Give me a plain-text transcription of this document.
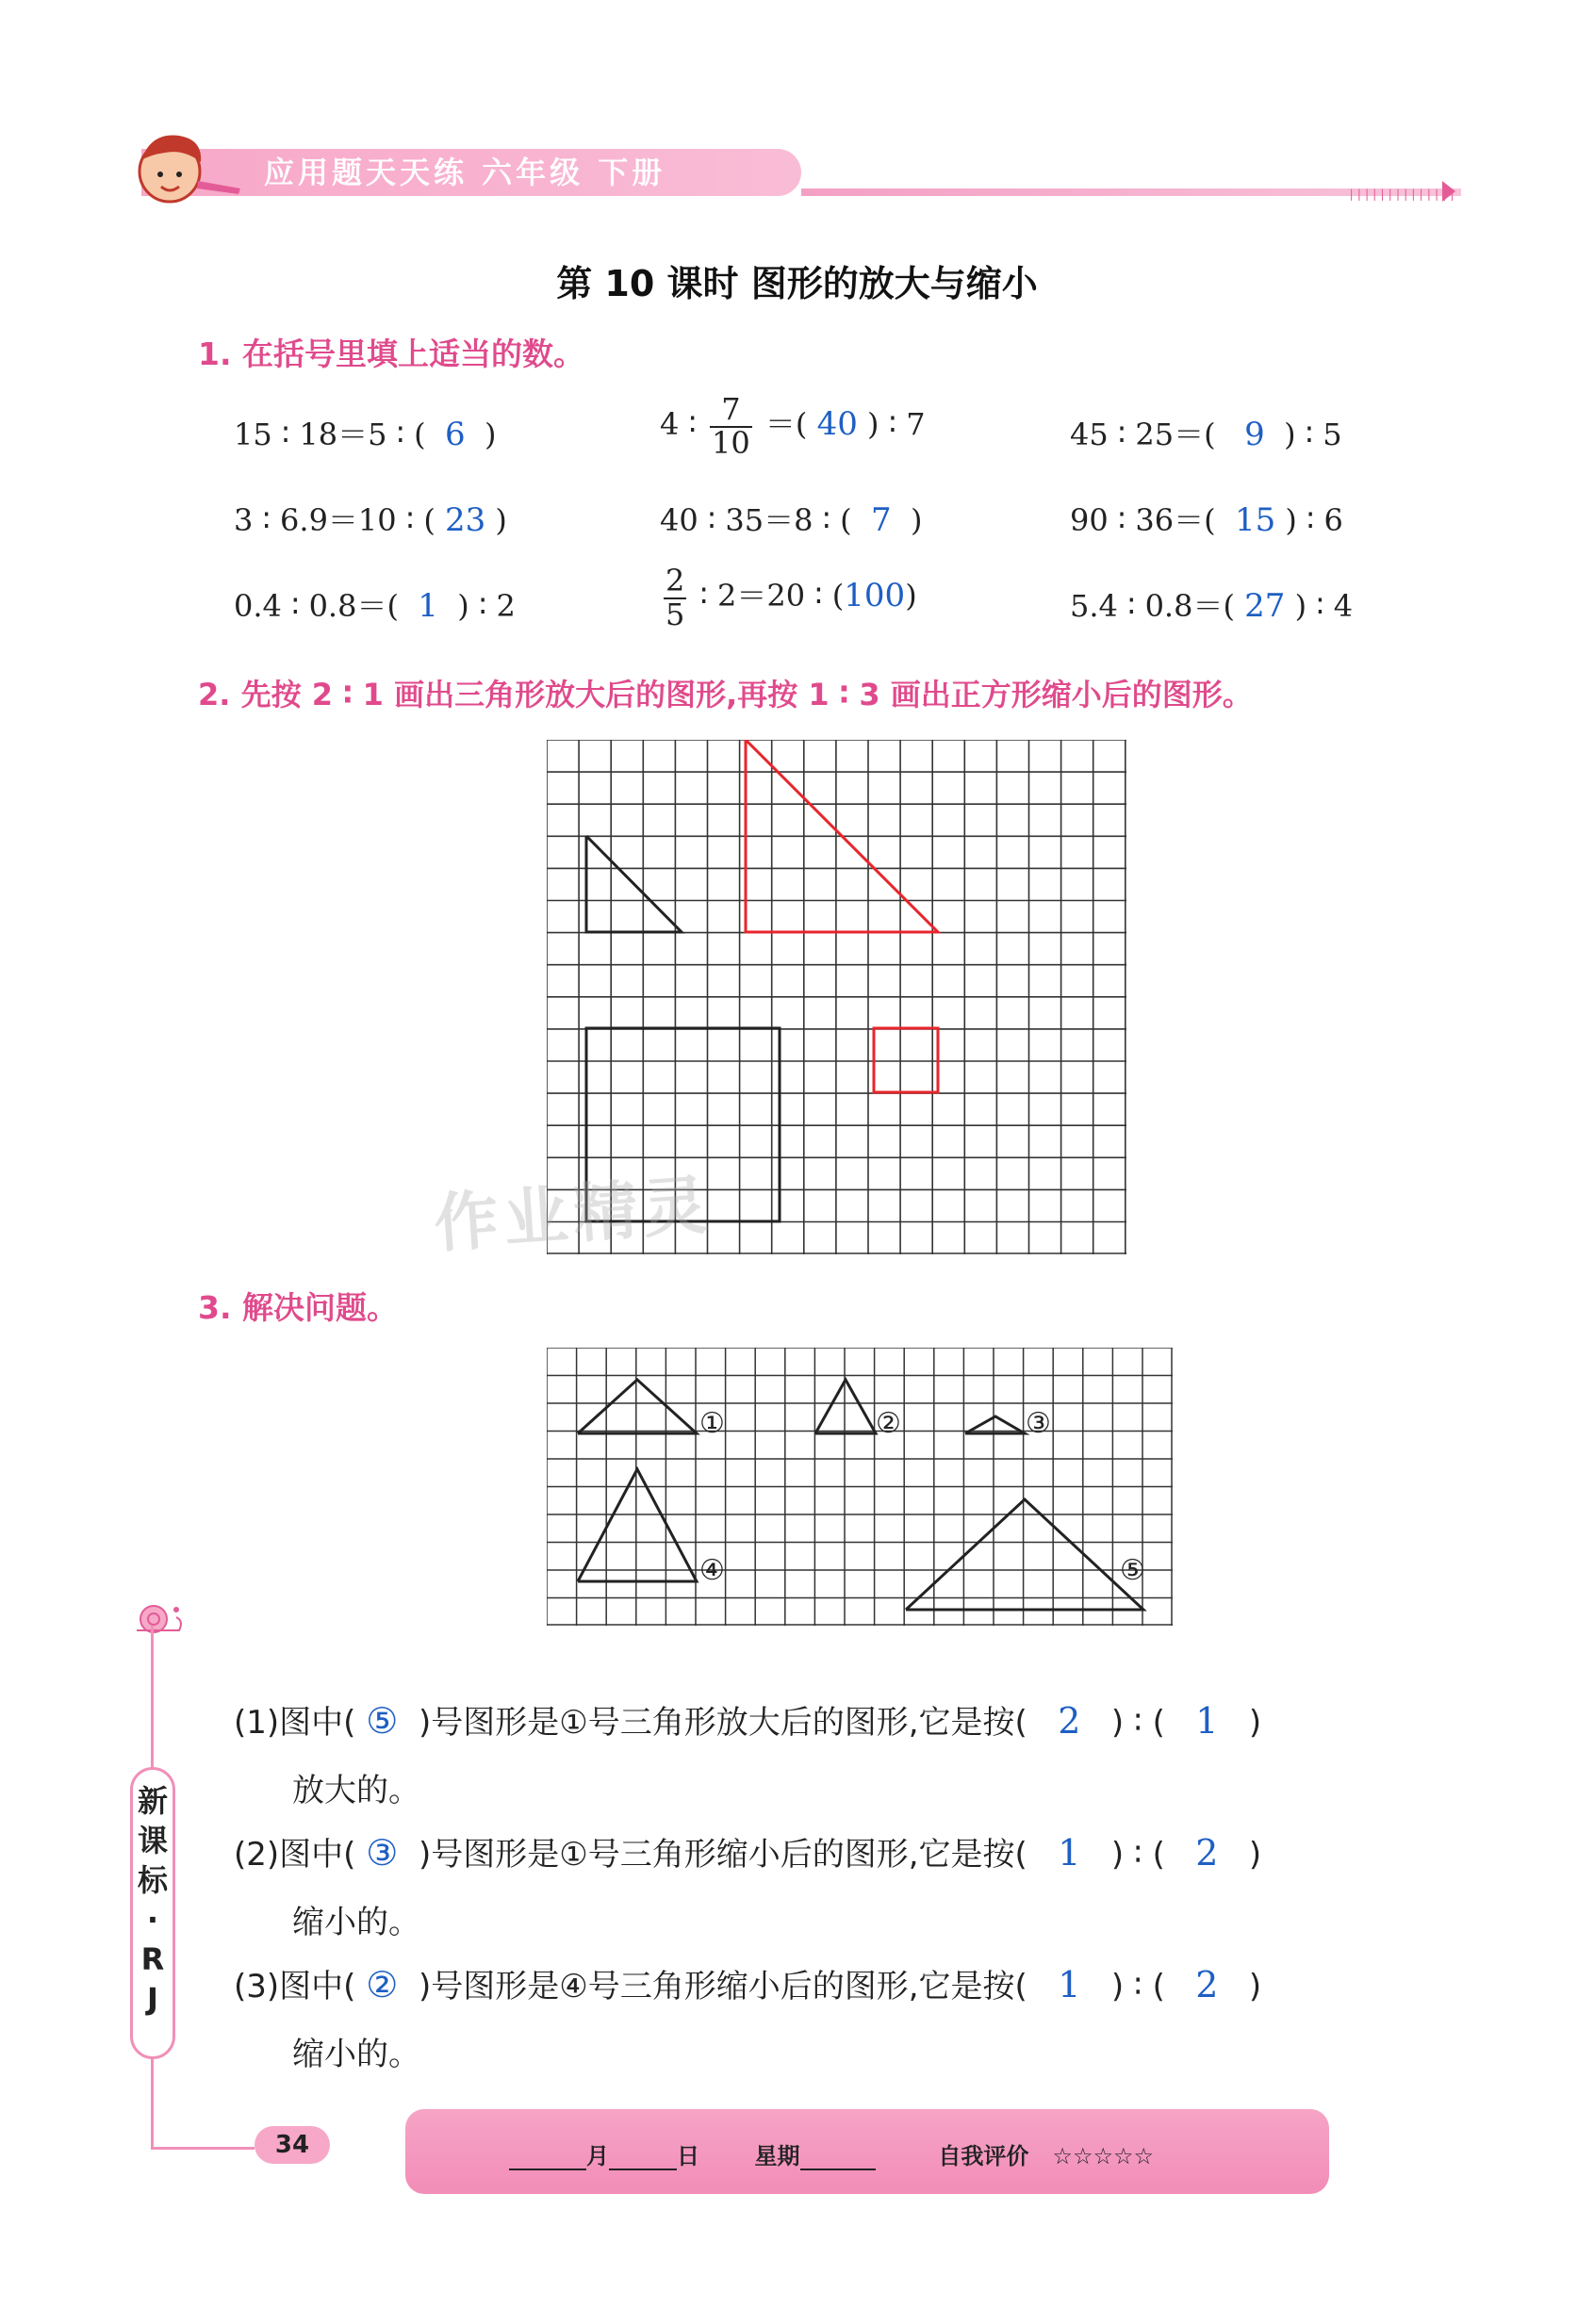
||||||||||||||
应用题天天练 六年级 下册
第 10 课时 图形的放大与缩小
1. 在括号里填上适当的数。
15 ∶ 18＝5 ∶ ( 6 )	4 ∶ $\frac{7}{10}$ ＝( 40 ) ∶ 7	45 ∶ 25＝( 9 ) ∶ 5
3 ∶ 6.9＝10 ∶ ( 23 )	40 ∶ 35＝8 ∶ ( 7 )	90 ∶ 36＝( 15 ) ∶ 6
0.4 ∶ 0.8＝( 1 ) ∶ 2	$\frac{2}{5}$ ∶ 2＝20 ∶ (100)	5.4 ∶ 0.8＝( 27 ) ∶ 4
2. 先按 2 ∶ 1 画出三角形放大后的图形,再按 1 ∶ 3 画出正方形缩小后的图形。
作业精灵
3. 解决问题。
①	②	③
④	⑤
(1)图中( ⑤ )号图形是①号三角形放大后的图形,它是按( 2 ) ∶ ( 1 )
放大的。
(2)图中( ③ )号图形是①号三角形缩小后的图形,它是按( 1 ) ∶ ( 2 )
缩小的。
(3)图中( ② )号图形是④号三角形缩小后的图形,它是按( 1 ) ∶ ( 2 )
缩小的。
新
课
标
·
R
J
34	月	日 星期	自我评价 ☆☆☆☆☆
